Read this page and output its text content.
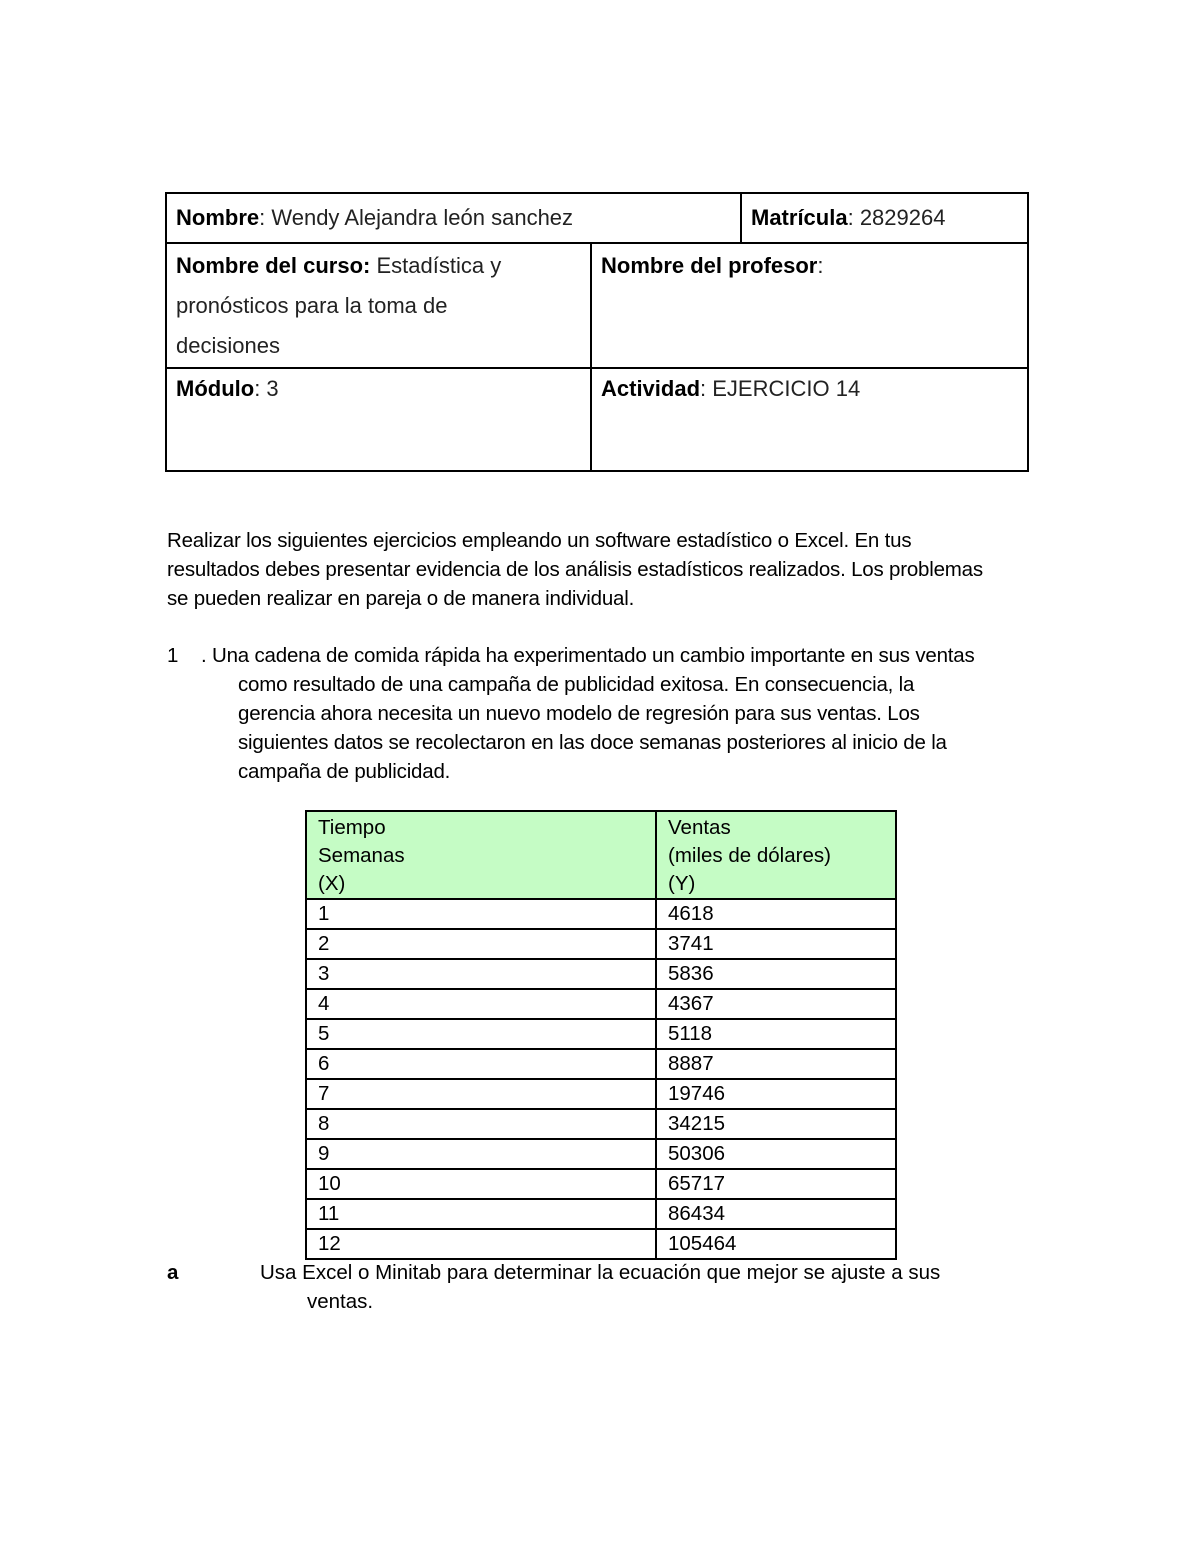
Nombre: Wendy Alejandra león sanchez	Matrícula: 2829264
Nombre del curso: Estadística y
pronósticos para la toma de
decisiones
Nombre del profesor:
Módulo: 3	Actividad: EJERCICIO 14
Realizar los siguientes ejercicios empleando un software estadístico o Excel. En tus
resultados debes presentar evidencia de los análisis estadísticos realizados. Los problemas
se pueden realizar en pareja o de manera individual.
1 . Una cadena de comida rápida ha experimentado un cambio importante en sus ventas
como resultado de una campaña de publicidad exitosa. En consecuencia, la
gerencia ahora necesita un nuevo modelo de regresión para sus ventas. Los
siguientes datos se recolectaron en las doce semanas posteriores al inicio de la
campaña de publicidad.
Tiempo
Semanas
(X)	Ventas
(miles de dólares)
(Y)

1	4618
2	3741
3	5836
4	4367
5	5118
6	8887
7	19746
8	34215
9	50306
10	65717
11	86434
12	105464
a	Usa Excel o Minitab para determinar la ecuación que mejor se ajuste a sus
ventas.
